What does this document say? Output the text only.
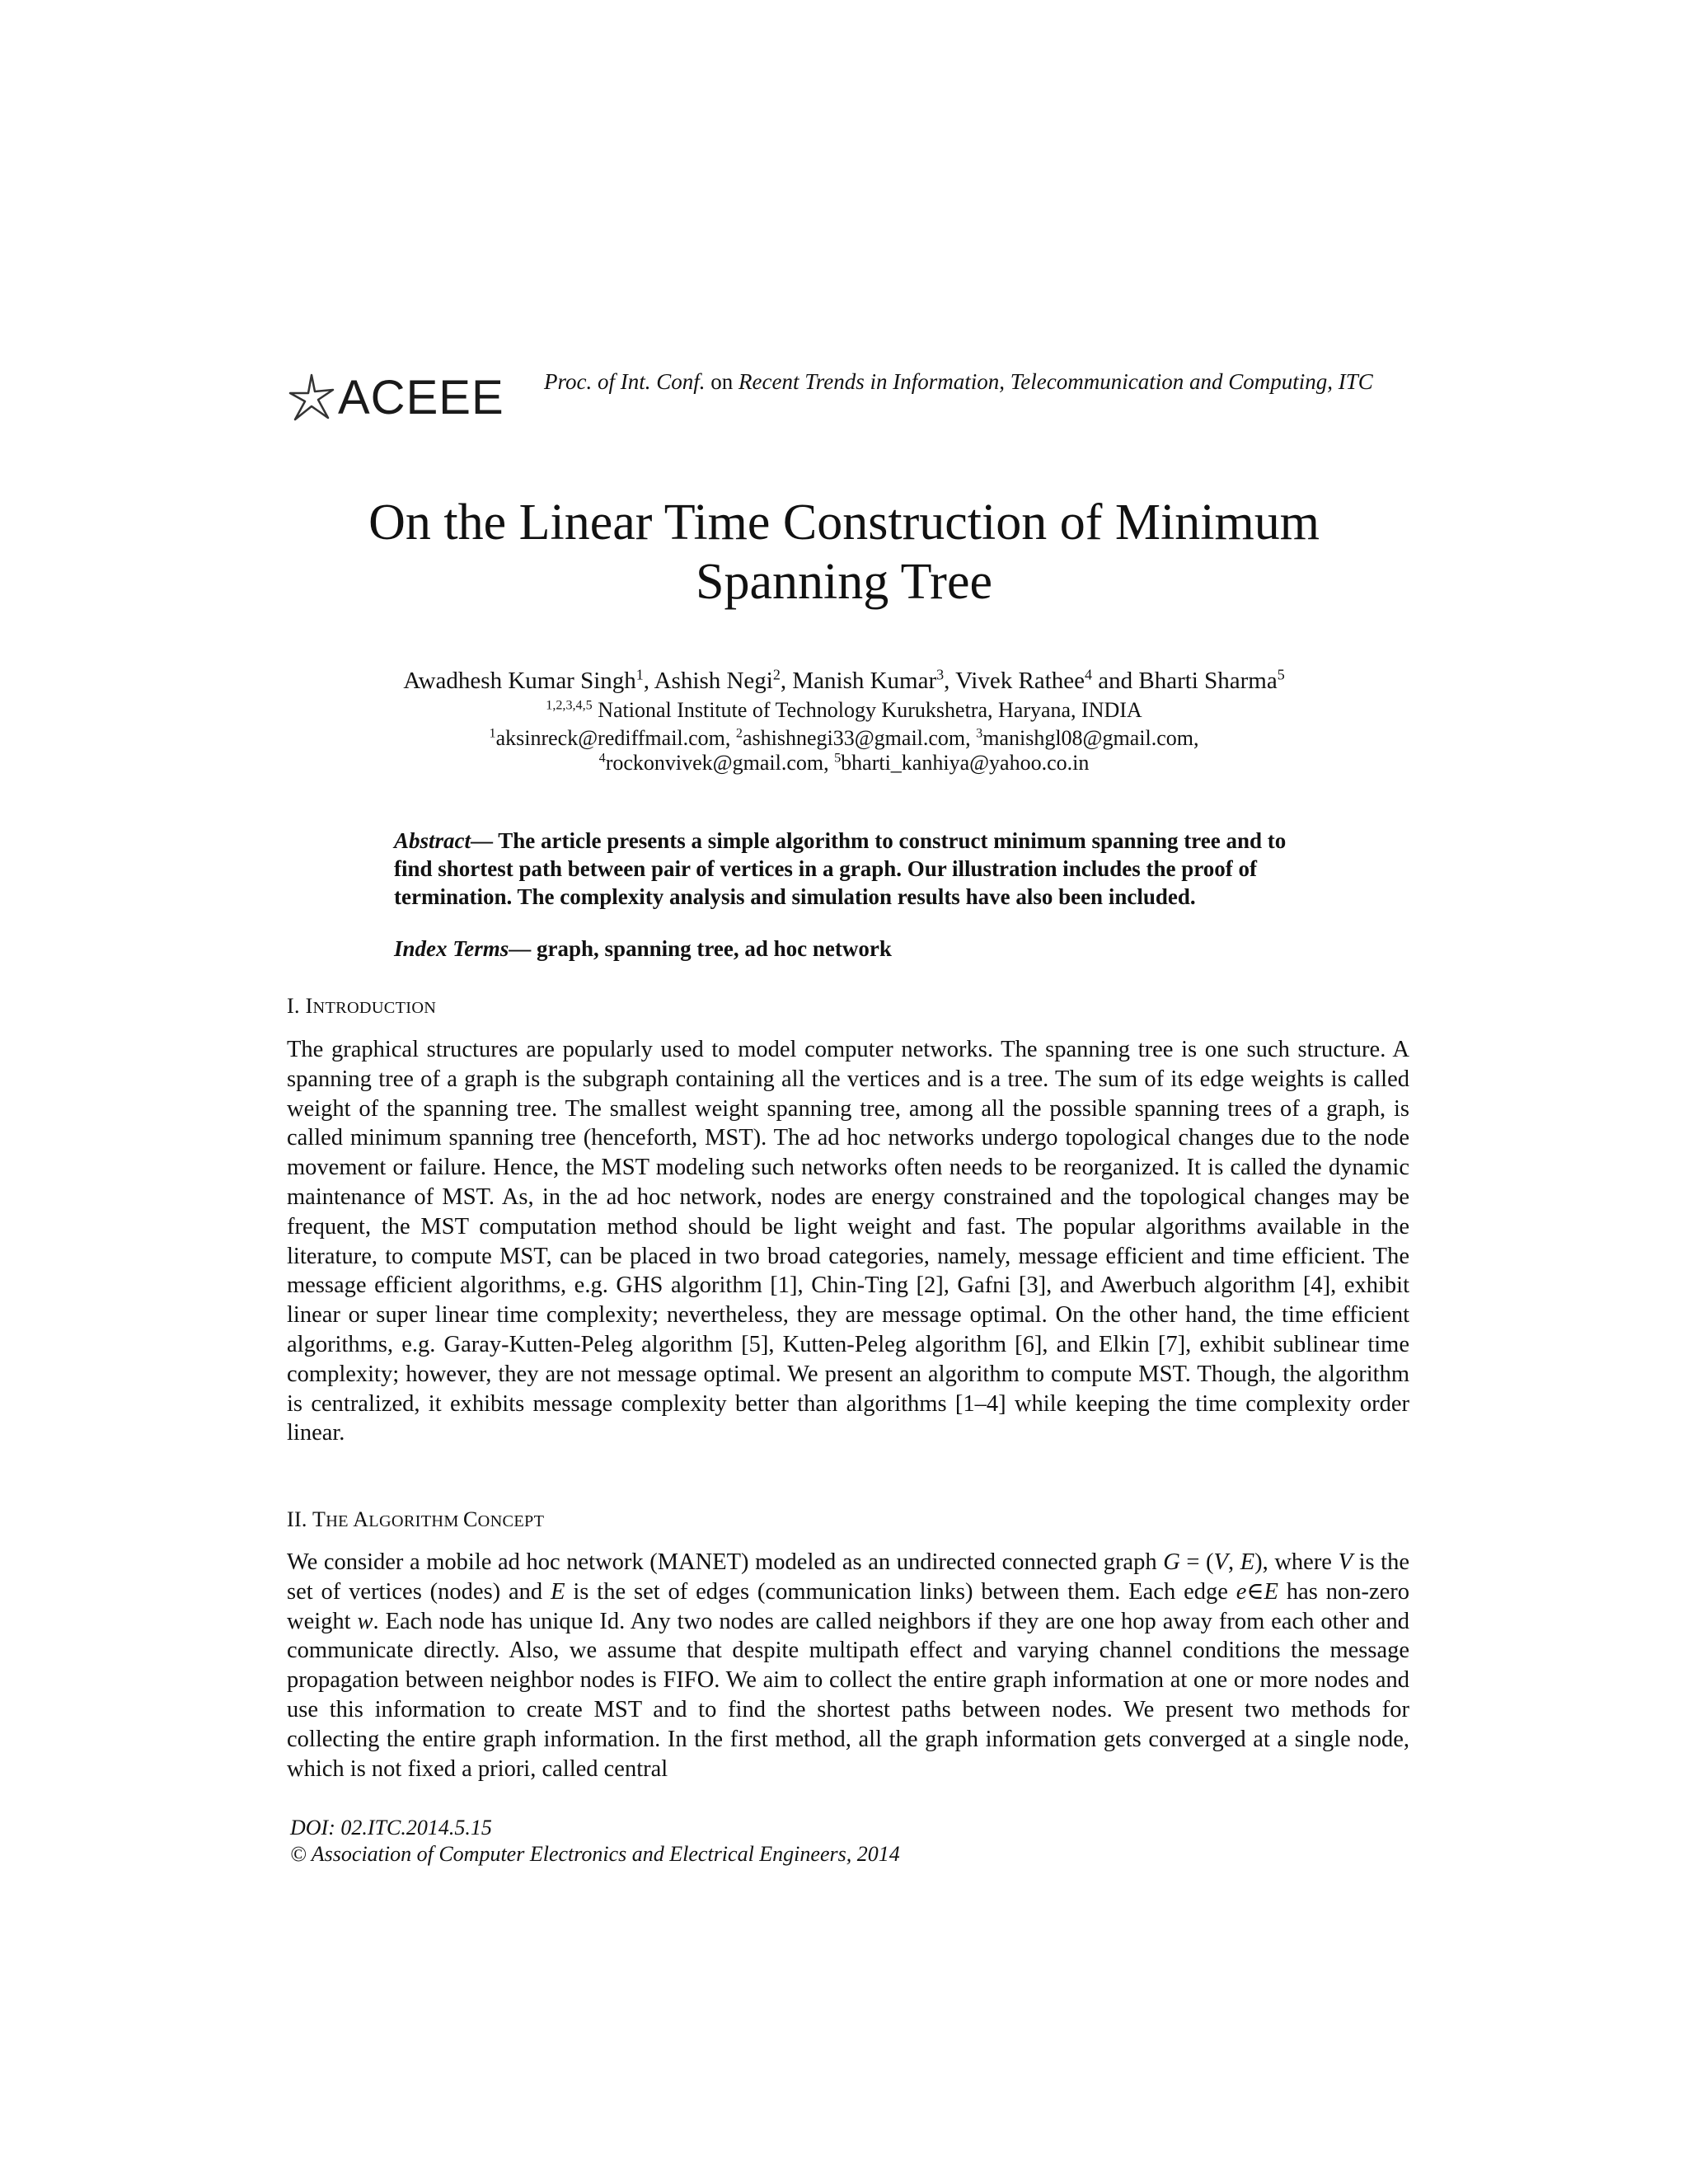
ACEEE Proc. of Int. Conf. on Recent Trends in Information, Telecommunication and Computing, ITC
On the Linear Time Construction of Minimum
Spanning Tree
Awadhesh Kumar Singh$^1$, Ashish Negi$^2$, Manish Kumar$^3$, Vivek Rathee$^4$ and Bharti Sharma$^5$
$^{1,2,3,4,5}$ National Institute of Technology Kurukshetra, Haryana, INDIA
$^1$aksinreck@rediffmail.com, $^2$ashishnegi33@gmail.com, $^3$manishgl08@gmail.com,
$^4$rockonvivek@gmail.com, $^5$bharti_kanhiya@yahoo.co.in
Abstract— The article presents a simple algorithm to construct minimum spanning tree and to find shortest path between pair of vertices in a graph. Our illustration includes the proof of termination. The complexity analysis and simulation results have also been included.
Index Terms— graph, spanning tree, ad hoc network
I. INTRODUCTION
The graphical structures are popularly used to model computer networks. The spanning tree is one such structure. A spanning tree of a graph is the subgraph containing all the vertices and is a tree. The sum of its edge weights is called weight of the spanning tree. The smallest weight spanning tree, among all the possible spanning trees of a graph, is called minimum spanning tree (henceforth, MST). The ad hoc networks undergo topological changes due to the node movement or failure. Hence, the MST modeling such networks often needs to be reorganized. It is called the dynamic maintenance of MST. As, in the ad hoc network, nodes are energy constrained and the topological changes may be frequent, the MST computation method should be light weight and fast. The popular algorithms available in the literature, to compute MST, can be placed in two broad categories, namely, message efficient and time efficient. The message efficient algorithms, e.g. GHS algorithm [1], Chin-Ting [2], Gafni [3], and Awerbuch algorithm [4], exhibit linear or super linear time complexity; nevertheless, they are message optimal. On the other hand, the time efficient algorithms, e.g. Garay-Kutten-Peleg algorithm [5], Kutten-Peleg algorithm [6], and Elkin [7], exhibit sublinear time complexity; however, they are not message optimal. We present an algorithm to compute MST. Though, the algorithm is centralized, it exhibits message complexity better than algorithms [1–4] while keeping the time complexity order linear.
II. THE ALGORITHM CONCEPT
We consider a mobile ad hoc network (MANET) modeled as an undirected connected graph G = (V, E), where V is the set of vertices (nodes) and E is the set of edges (communication links) between them. Each edge e∈E has non-zero weight w. Each node has unique Id. Any two nodes are called neighbors if they are one hop away from each other and communicate directly. Also, we assume that despite multipath effect and varying channel conditions the message propagation between neighbor nodes is FIFO. We aim to collect the entire graph information at one or more nodes and use this information to create MST and to find the shortest paths between nodes. We present two methods for collecting the entire graph information. In the first method, all the graph information gets converged at a single node, which is not fixed a priori, called central
DOI: 02.ITC.2014.5.15
© Association of Computer Electronics and Electrical Engineers, 2014
